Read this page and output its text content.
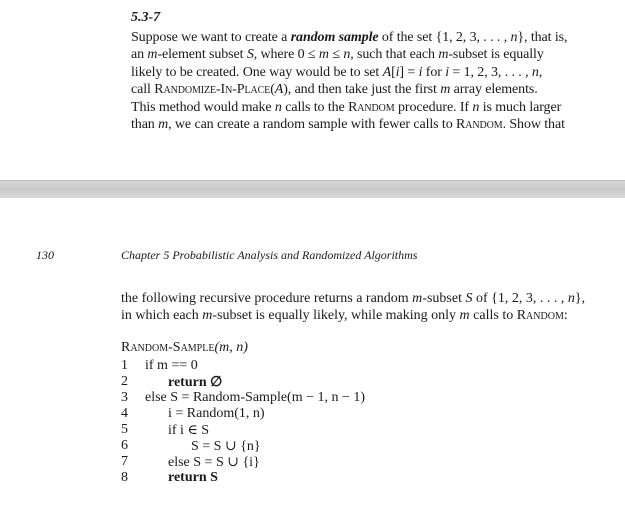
5.3-7
Suppose we want to create a random sample of the set {1, 2, 3, . . . , n}, that is,
an m-element subset S, where 0 ≤ m ≤ n, such that each m-subset is equally
likely to be created. One way would be to set A[i] = i for i = 1, 2, 3, . . . , n,
call Randomize-In-Place(A), and then take just the first m array elements.
This method would make n calls to the Random procedure. If n is much larger
than m, we can create a random sample with fewer calls to Random. Show that
130	Chapter 5 Probabilistic Analysis and Randomized Algorithms
the following recursive procedure returns a random m-subset S of {1, 2, 3, . . . , n},
in which each m-subset is equally likely, while making only m calls to Random:
Random-Sample(m, n)
1 if m == 0
2	return ∅
3 else S = Random-Sample(m − 1, n − 1)
4	i = Random(1, n)
5	if i ∈ S
6	S = S ∪ {n}
7	else S = S ∪ {i}
8	return S
